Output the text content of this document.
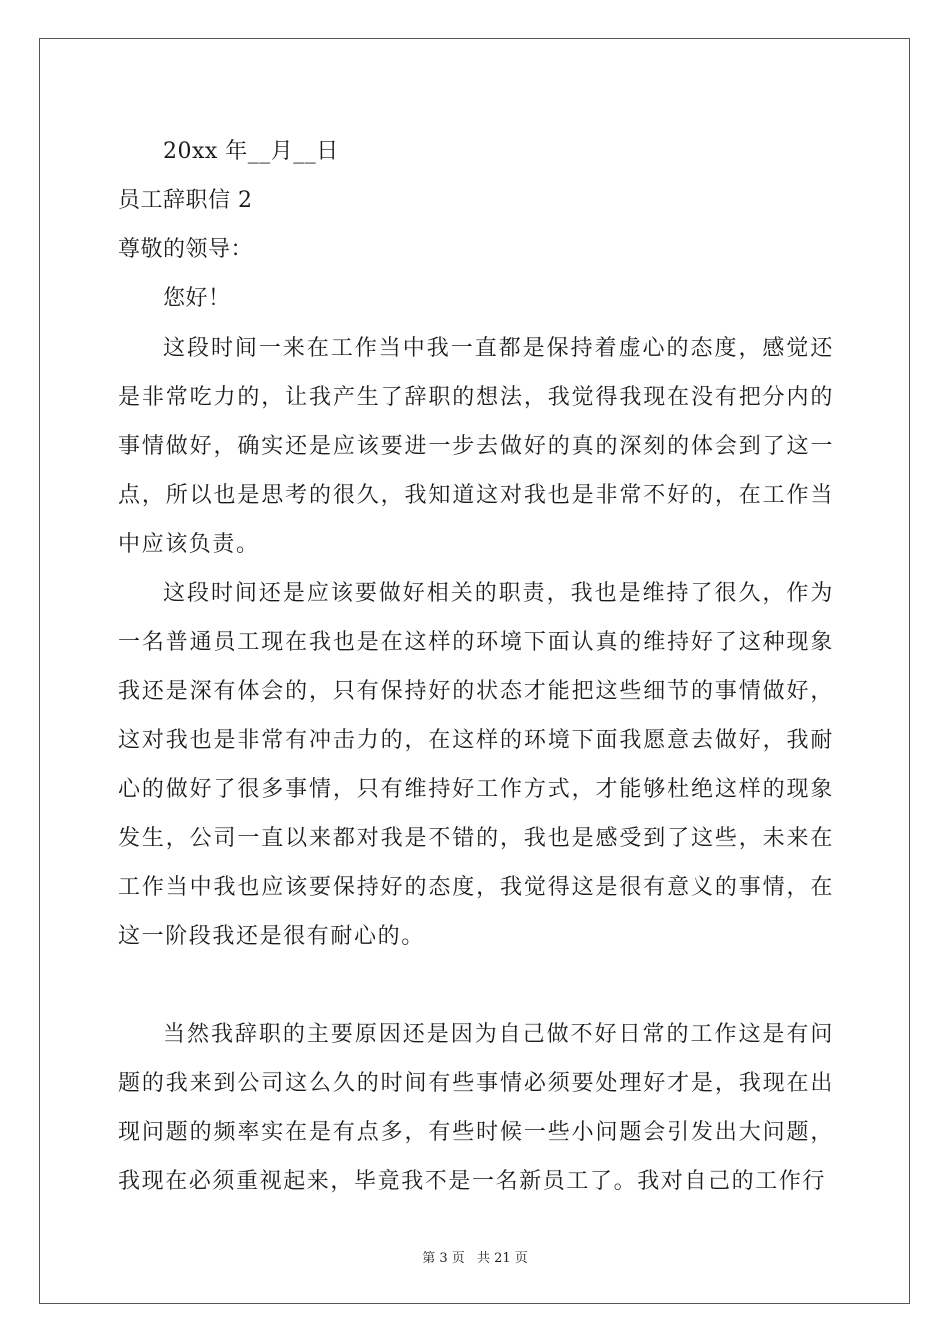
20xx 年__月__日
员工辞职信 2
尊敬的领导：
您好！

这段时间一来在工作当中我一直都是保持着虚心的态度，感觉还是非常吃力的，让我产生了辞职的想法，我觉得我现在没有把分内的事情做好，确实还是应该要进一步去做好的真的深刻的体会到了这一点，所以也是思考的很久，我知道这对我也是非常不好的，在工作当中应该负责。

这段时间还是应该要做好相关的职责，我也是维持了很久，作为一名普通员工现在我也是在这样的环境下面认真的维持好了这种现象我还是深有体会的，只有保持好的状态才能把这些细节的事情做好，这对我也是非常有冲击力的，在这样的环境下面我愿意去做好，我耐心的做好了很多事情，只有维持好工作方式，才能够杜绝这样的现象发生，公司一直以来都对我是不错的，我也是感受到了这些，未来在工作当中我也应该要保持好的态度，我觉得这是很有意义的事情，在这一阶段我还是很有耐心的。

当然我辞职的主要原因还是因为自己做不好日常的工作这是有问题的我来到公司这么久的时间有些事情必须要处理好才是，我现在出现问题的频率实在是有点多，有些时候一些小问题会引发出大问题，我现在必须重视起来，毕竟我不是一名新员工了。我对自己的工作行

第 3 页 共 21 页
